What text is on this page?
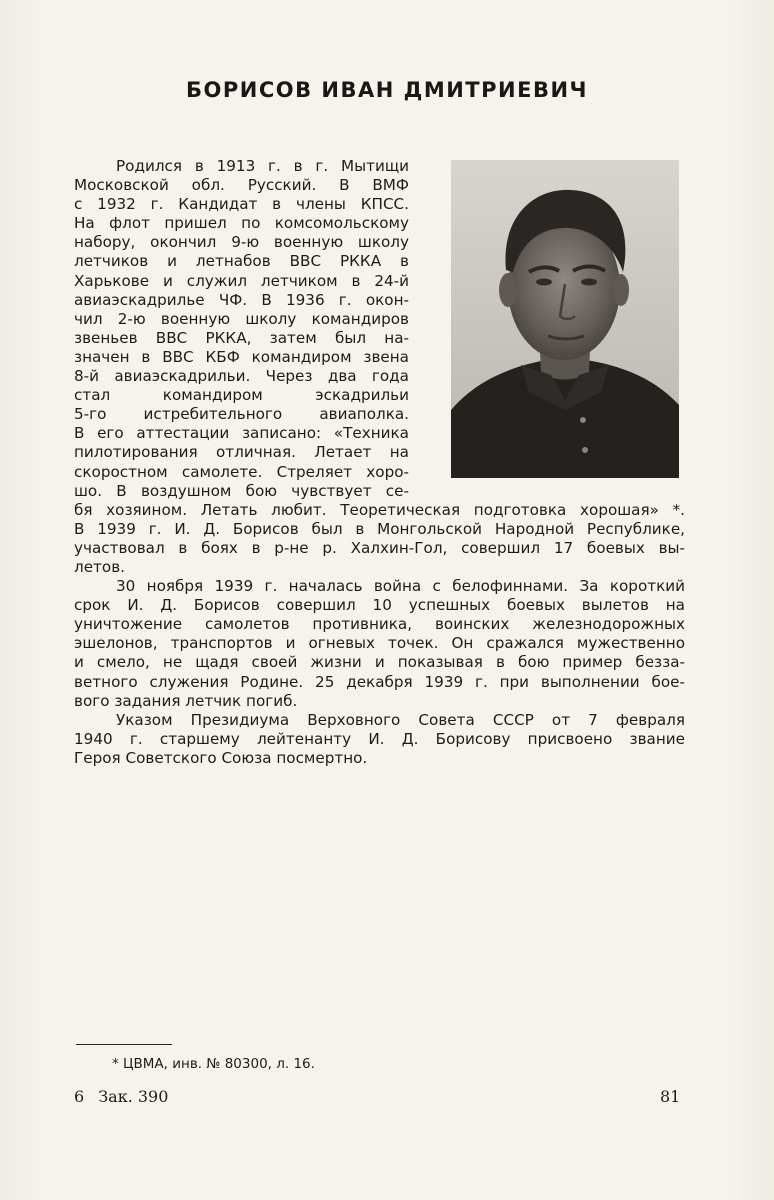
БОРИСОВ ИВАН ДМИТРИЕВИЧ
Родился в 1913 г. в г. Мытищи
Московской обл. Русский. В ВМФ
с 1932 г. Кандидат в члены КПСС.
На флот пришел по комсомольскому
набору, окончил 9-ю военную школу
летчиков и летнабов ВВС РККА в
Харькове и служил летчиком в 24-й
авиаэскадрилье ЧФ. В 1936 г. окон-
чил 2-ю военную школу командиров
звеньев ВВС РККА, затем был на-
значен в ВВС КБФ командиром звена
8-й авиаэскадрильи. Через два года
стал командиром эскадрильи
5-го истребительного авиаполка.
В его аттестации записано: «Техника
пилотирования отличная. Летает на
скоростном самолете. Стреляет хоро-
шо. В воздушном бою чувствует се-
бя хозяином. Летать любит. Теоретическая подготовка хорошая» *.
В 1939 г. И. Д. Борисов был в Монгольской Народной Республике,
участвовал в боях в р-не р. Халхин-Гол, совершил 17 боевых вы-
летов.
30 ноября 1939 г. началась война с белофиннами. За короткий
срок И. Д. Борисов совершил 10 успешных боевых вылетов на
уничтожение самолетов противника, воинских железнодорожных
эшелонов, транспортов и огневых точек. Он сражался мужественно
и смело, не щадя своей жизни и показывая в бою пример безза-
ветного служения Родине. 25 декабря 1939 г. при выполнении бое-
вого задания летчик погиб.
Указом Президиума Верховного Совета СССР от 7 февраля
1940 г. старшему лейтенанту И. Д. Борисову присвоено звание
Героя Советского Союза посмертно.
* ЦВМА, инв. № 80300, л. 16.
6 Зак. 390	81
